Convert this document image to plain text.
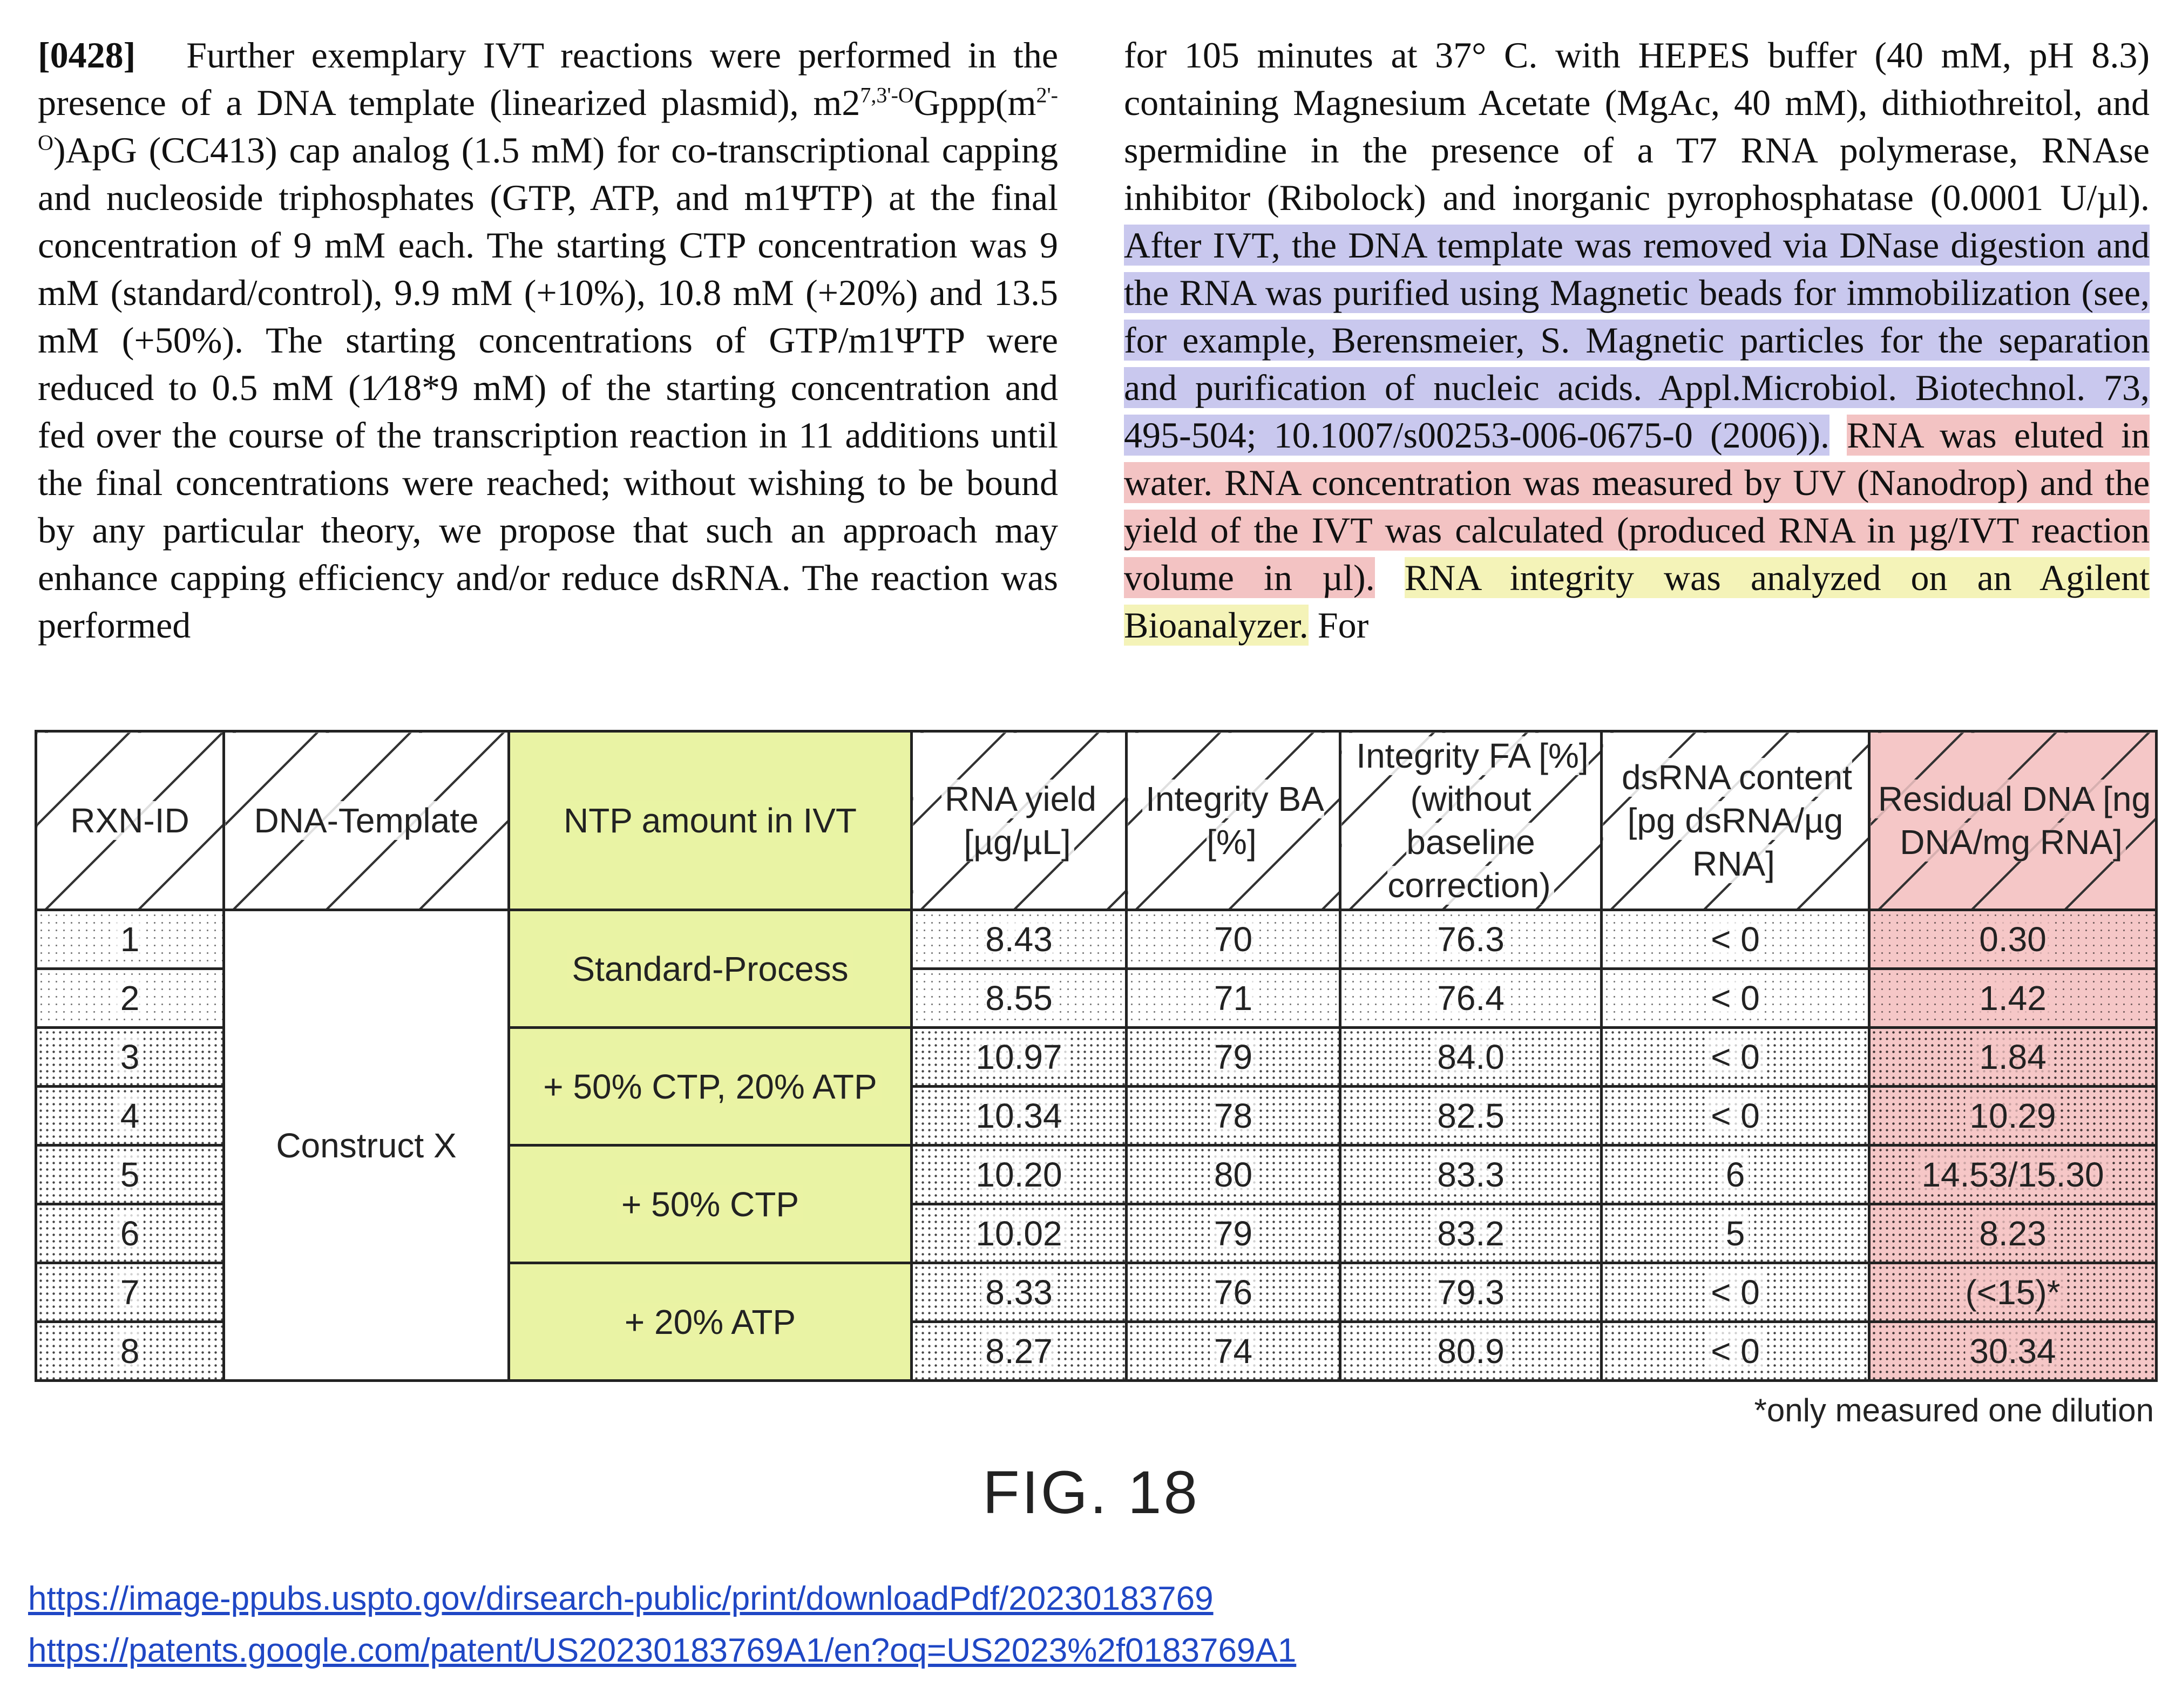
[0428] Further exemplary IVT reactions were performed in the presence of a DNA template (linearized plasmid), $m2^{7,3'-O}Gppp(m^{2'-O})ApG$ (CC413) cap analog (1.5 mM) for co-transcriptional capping and nucleoside triphosphates (GTP, ATP, and m1ΨTP) at the final concentration of 9 mM each. The starting CTP concentration was 9 mM (standard/control), 9.9 mM (+10%), 10.8 mM (+20%) and 13.5 mM (+50%). The starting concentrations of GTP/m1ΨTP were reduced to 0.5 mM (1⁄18*9 mM) of the starting concentration and fed over the course of the transcription reaction in 11 additions until the final concentrations were reached; without wishing to be bound by any particular theory, we propose that such an approach may enhance capping efficiency and/or reduce dsRNA. The reaction was performed
for 105 minutes at 37° C. with HEPES buffer (40 mM, pH 8.3) containing Magnesium Acetate (MgAc, 40 mM), dithiothreitol, and spermidine in the presence of a T7 RNA polymerase, RNAse inhibitor (Ribolock) and inorganic pyrophosphatase (0.0001 U/µl). After IVT, the DNA template was removed via DNase digestion and the RNA was purified using Magnetic beads for immobilization (see, for example, Berensmeier, S. Magnetic particles for the separation and purification of nucleic acids. Appl.Microbiol. Biotechnol. 73, 495-504; 10.1007/s00253-006-0675-0 (2006)). RNA was eluted in water. RNA concentration was measured by UV (Nanodrop) and the yield of the IVT was calculated (produced RNA in µg/IVT reaction volume in µl). RNA integrity was analyzed on an Agilent Bioanalyzer. For
RXN-ID	DNA-Template	NTP amount in IVT	RNA yield [µg/µL]	Integrity BA [%]	Integrity FA [%] (without baseline correction)	dsRNA content [pg dsRNA/µg RNA]	Residual DNA [ng DNA/mg RNA]
1	Construct X	Standard-Process	8.43	70	76.3	< 0	0.30
2			8.55	71	76.4	< 0	1.42
3		+ 50% CTP, 20% ATP	10.97	79	84.0	< 0	1.84
4			10.34	78	82.5	< 0	10.29
5		+ 50% CTP	10.20	80	83.3	6	14.53/15.30
6			10.02	79	83.2	5	8.23
7		+ 20% ATP	8.33	76	79.3	< 0	(<15)*
8			8.27	74	80.9	< 0	30.34
*only measured one dilution
FIG. 18
https://image-ppubs.uspto.gov/dirsearch-public/print/downloadPdf/20230183769
https://patents.google.com/patent/US20230183769A1/en?oq=US2023%2f0183769A1
